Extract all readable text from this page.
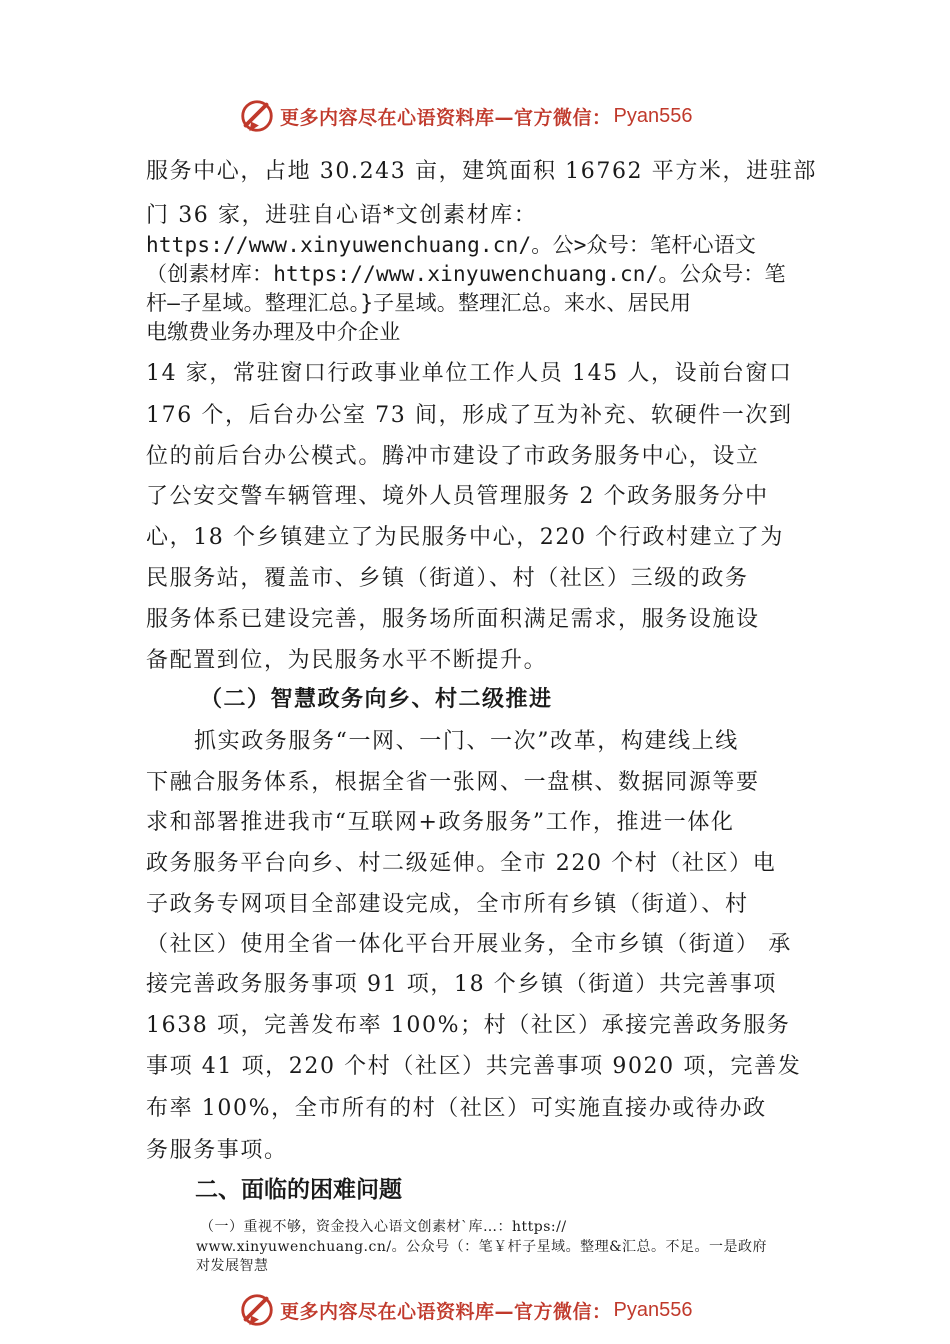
更多内容尽在心语资料库—官方微信： Pyan556
服务中心，占地 30.243 亩，建筑面积 16762 平方米，进驻部
门 36 家，进驻自心语*文创素材库：
https://www.xinyuwenchuang.cn/。公>众号：笔杆心语文
（创素材库：https://www.xinyuwenchuang.cn/。公众号：笔
杆—子星域。整理汇总。}子星域。整理汇总。来水、居民用
电缴费业务办理及中介企业
14 家，常驻窗口行政事业单位工作人员 145 人，设前台窗口
176 个，后台办公室 73 间，形成了互为补充、软硬件一次到
位的前后台办公模式。腾冲市建设了市政务服务中心，设立
了公安交警车辆管理、境外人员管理服务 2 个政务服务分中
心，18 个乡镇建立了为民服务中心，220 个行政村建立了为
民服务站，覆盖市、乡镇（街道）、村（社区）三级的政务
服务体系已建设完善，服务场所面积满足需求，服务设施设
备配置到位，为民服务水平不断提升。
（二）智慧政务向乡、村二级推进
抓实政务服务“一网、一门、一次”改革，构建线上线
下融合服务体系，根据全省一张网、一盘棋、数据同源等要
求和部署推进我市“互联网+政务服务”工作，推进一体化
政务服务平台向乡、村二级延伸。全市 220 个村（社区）电
子政务专网项目全部建设完成，全市所有乡镇（街道）、村
（社区）使用全省一体化平台开展业务，全市乡镇（街道） 承
接完善政务服务事项 91 项，18 个乡镇（街道）共完善事项
1638 项，完善发布率 100%；村（社区）承接完善政务服务
事项 41 项，220 个村（社区）共完善事项 9020 项，完善发
布率 100%，全市所有的村（社区）可实施直接办或待办政
务服务事项。
二、面临的困难问题
（一）重视不够，资金投入心语文创素材`库…：https://
www.xinyuwenchuang.cn/。公众号（：笔￥杆子星域。整理&汇总。不足。一是政府
对发展智慧
更多内容尽在心语资料库—官方微信： Pyan556
